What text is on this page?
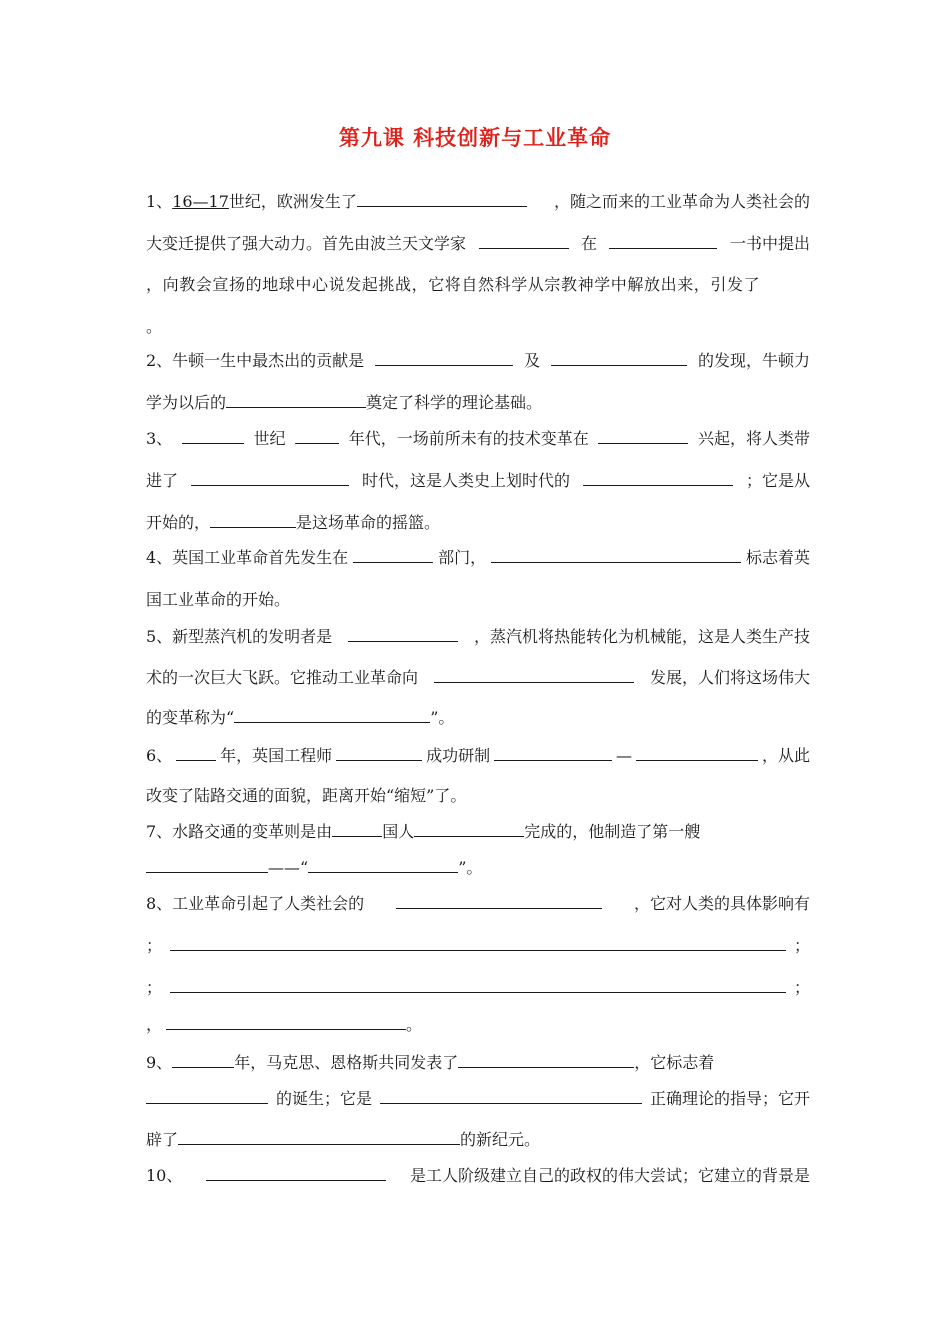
第九课 科技创新与工业革命
1、16—17世纪，欧洲发生了	，随之而来的工业革命为人类社会的
大变迁提供了强大动力。首先由波兰天文学家	在	一书中提出
，向教会宣扬的地球中心说发起挑战，它将自然科学从宗教神学中解放出来，引发了
。
2、牛顿一生中最杰出的贡献是	及	的发现，牛顿力
学为以后的	奠定了科学的理论基础。
3、	世纪	年代，一场前所未有的技术变革在	兴起，将人类带
进了	时代，这是人类史上划时代的	；它是从
开始的，	是这场革命的摇篮。
4、英国工业革命首先发生在	部门，	标志着英
国工业革命的开始。
5、新型蒸汽机的发明者是	，蒸汽机将热能转化为机械能，这是人类生产技
术的一次巨大飞跃。它推动工业革命向	发展，人们将这场伟大
的变革称为“	”。
6、	年，英国工程师	成功研制	—	，从此
改变了陆路交通的面貌，距离开始“缩短”了。
7、水路交通的变革则是由	国人	完成的，他制造了第一艘
——“	”。
8、工业革命引起了人类社会的	，它对人类的具体影响有
；	；
；	；
，	。
9、	年，马克思、恩格斯共同发表了	，它标志着
的诞生；它是	正确理论的指导；它开
辟了	的新纪元。
10、	是工人阶级建立自己的政权的伟大尝试；它建立的背景是
